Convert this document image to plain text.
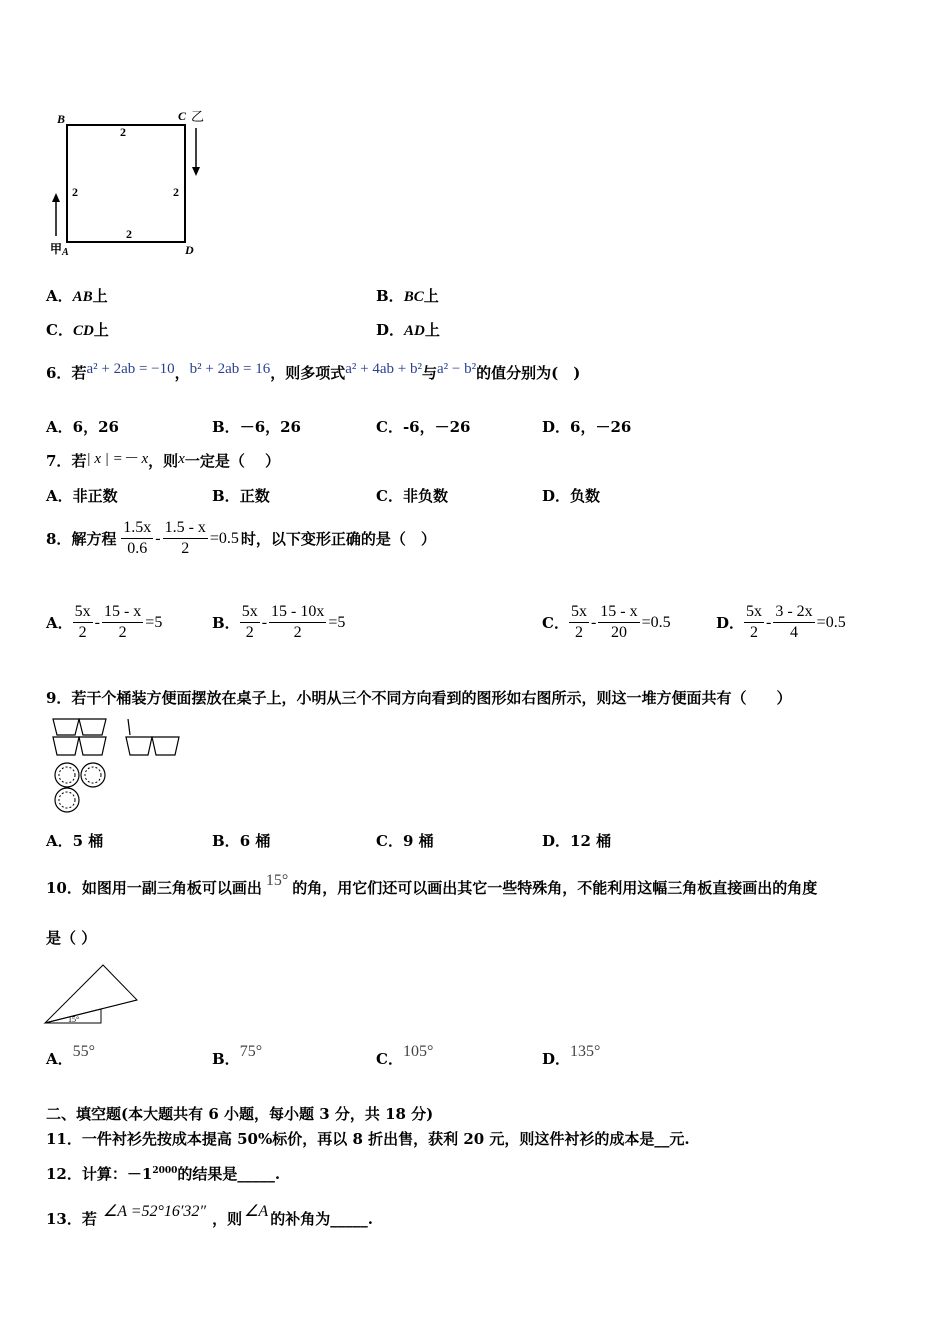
B	C 乙
D
甲 A
2
2	2
2
A．AB上	B．BC上
C．CD上	D．AD上
6．若a² + 2ab = −10，b² + 2ab = 16，则多项式a² + 4ab + b²与a² − b²的值分别为(　)
A．6，26	B．－6，26	C．-6，－26	D．6，－26
7．若| x | =－ x，则x一定是（　 ）
A．非正数	B．正数	C．非负数	D．负数
8．解方程 $\frac{1.5x}{0.6} - \frac{1.5 - x}{2} =0.5$ 时，以下变形正确的是（　）
A． $\frac{5x}{2} - \frac{15 - x}{2} =5$	B． $\frac{5x}{2} - \frac{15 - 10x}{2} =5$	C． $\frac{5x}{2} - \frac{15 - x}{20} =0.5$	D． $\frac{5x}{2} - \frac{3 - 2x}{4} =0.5$
9．若干个桶装方便面摆放在桌子上，小明从三个不同方向看到的图形如右图所示，则这一堆方便面共有（　　）
A．5 桶	B．6 桶	C．9 桶	D．12 桶
10．如图用一副三角板可以画出 15° 的角，用它们还可以画出其它一些特殊角，不能利用这幅三角板直接画出的角度
是（ ）
15°
A．55°	B．75°	C．105°	D．135°
二、填空题(本大题共有 6 小题，每小题 3 分，共 18 分)
11．一件衬衫先按成本提高 50%标价，再以 8 折出售，获利 20 元，则这件衬衫的成本是__元.
12．计算：$-1^{2000}$的结果是_____.
13．若 ∠A =52°16′32″ ，则 ∠A 的补角为_____.
